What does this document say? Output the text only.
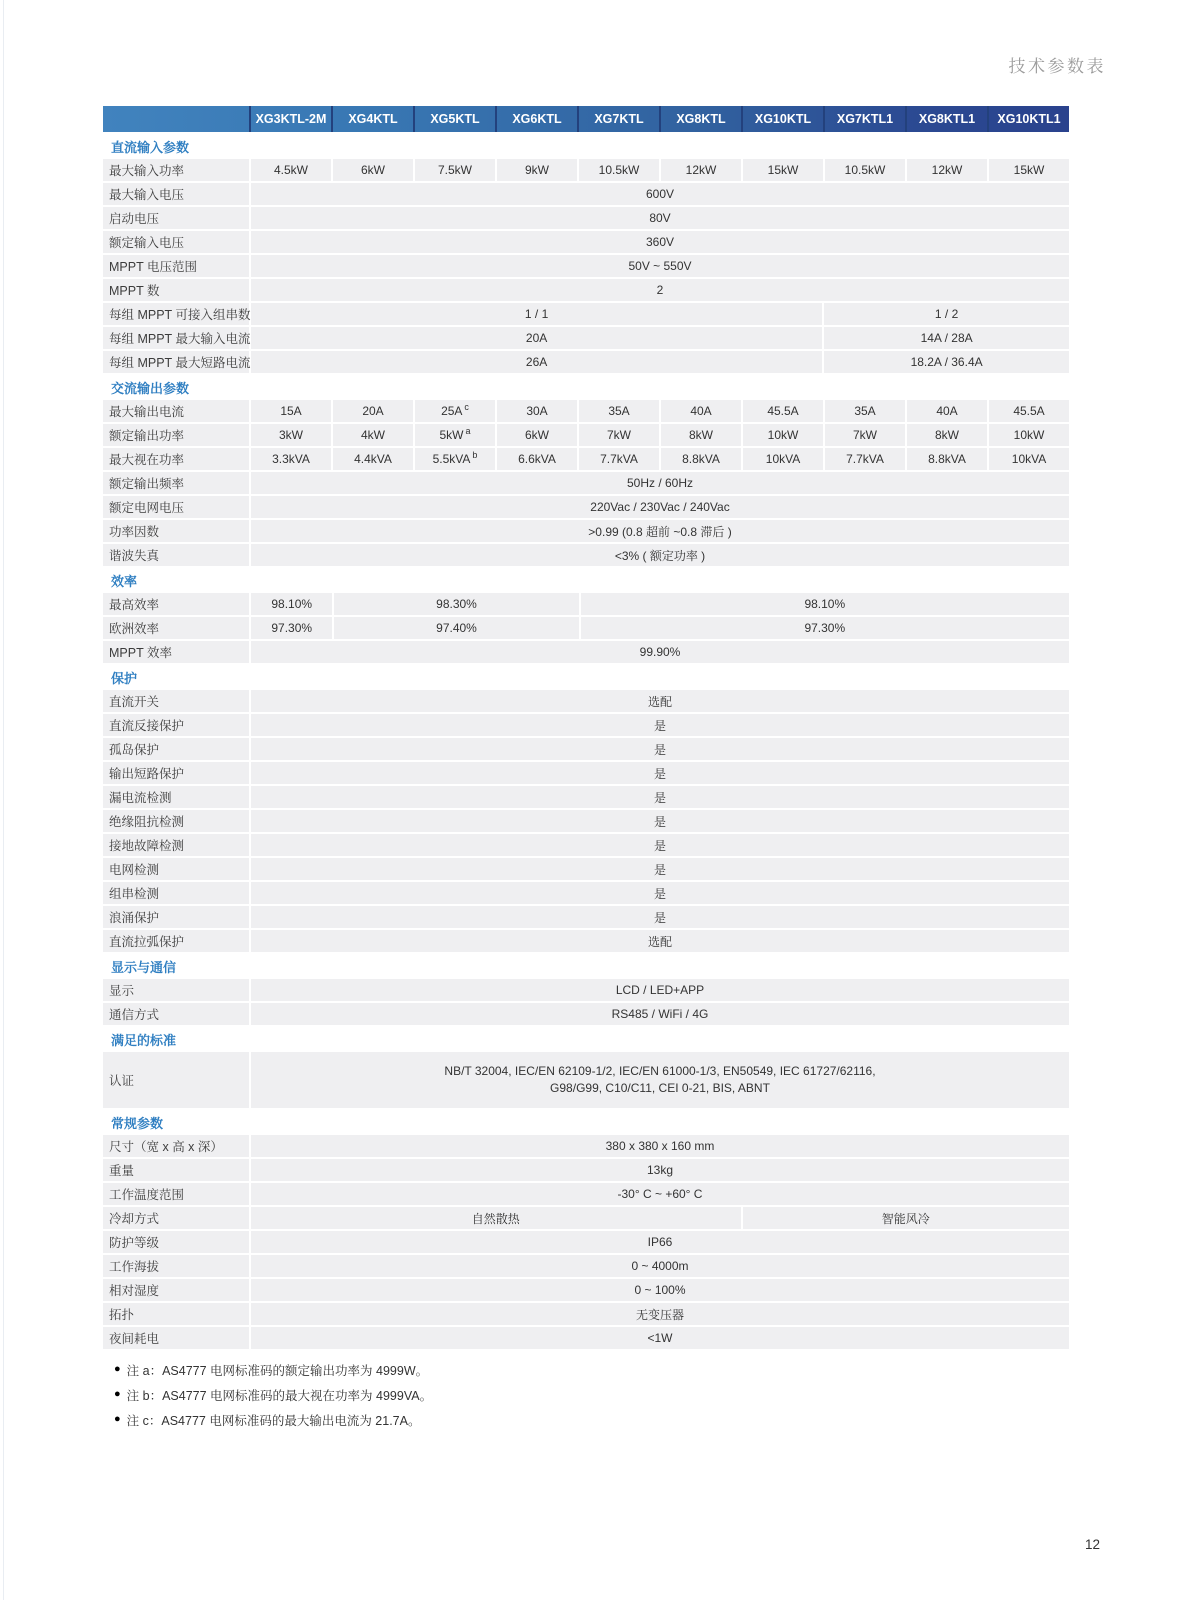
技术参数表
XG3KTL-2M	XG4KTL	XG5KTL	XG6KTL	XG7KTL	XG8KTL	XG10KTL	XG7KTL1	XG8KTL1	XG10KTL1
直流输入参数
最大输入功率	4.5kW	6kW	7.5kW	9kW	10.5kW	12kW	15kW	10.5kW	12kW	15kW
最大输入电压	600V
启动电压	80V
额定输入电压	360V
MPPT 电压范围	50V ~ 550V
MPPT 数	2
每组 MPPT 可接入组串数	1 / 1	1 / 2
每组 MPPT 最大输入电流	20A	14A / 28A
每组 MPPT 最大短路电流	26A	18.2A / 36.4A
交流输出参数
最大输出电流	15A	20A	25A c	30A	35A	40A	45.5A	35A	40A	45.5A
额定输出功率	3kW	4kW	5kW a	6kW	7kW	8kW	10kW	7kW	8kW	10kW
最大视在功率	3.3kVA	4.4kVA	5.5kVA b	6.6kVA	7.7kVA	8.8kVA	10kVA	7.7kVA	8.8kVA	10kVA
额定输出频率	50Hz / 60Hz
额定电网电压	220Vac / 230Vac / 240Vac
功率因数	>0.99 (0.8 超前 ~0.8 滞后 )
谐波失真	<3% ( 额定功率 )
效率
最高效率	98.10%	98.30%	98.10%
欧洲效率	97.30%	97.40%	97.30%
MPPT 效率	99.90%
保护
直流开关	选配
直流反接保护	是
孤岛保护	是
输出短路保护	是
漏电流检测	是
绝缘阻抗检测	是
接地故障检测	是
电网检测	是
组串检测	是
浪涌保护	是
直流拉弧保护	选配
显示与通信
显示	LCD / LED+APP
通信方式	RS485 / WiFi / 4G
满足的标准
认证
NB/T 32004, IEC/EN 62109-1/2, IEC/EN 61000-1/3, EN50549, IEC 61727/62116,
G98/G99, C10/C11, CEI 0-21, BIS, ABNT
常规参数
尺寸（宽 x 高 x 深）	380 x 380 x 160 mm
重量	13kg
工作温度范围	-30° C ~ +60° C
冷却方式	自然散热	智能风冷
防护等级	IP66
工作海拔	0 ~ 4000m
相对湿度	0 ~ 100%
拓扑	无变压器
夜间耗电	<1W
● 注 a：AS4777 电网标准码的额定输出功率为 4999W。
● 注 b：AS4777 电网标准码的最大视在功率为 4999VA。
● 注 c：AS4777 电网标准码的最大输出电流为 21.7A。
12
